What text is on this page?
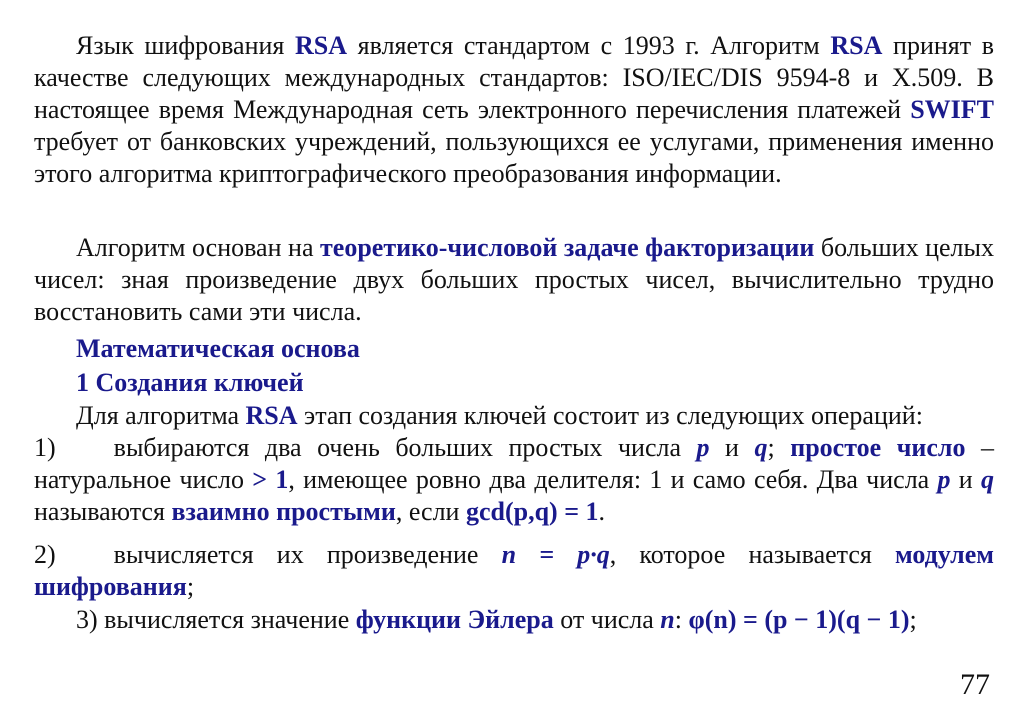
Язык шифрования RSA является стандартом с 1993 г. Алгоритм RSA принят в качестве следующих международных стандартов: ISO/IEC/DIS 9594-8 и X.509. В настоящее время Международная сеть электронного перечисления платежей SWIFT требует от банковских учреждений, пользующихся ее услугами, применения именно этого алгоритма криптографического преобразования информации.

Алгоритм основан на теоретико-числовой задаче факторизации больших целых чисел: зная произведение двух больших простых чисел, вычислительно трудно восстановить сами эти числа.

Математическая основа
1 Создания ключей

Для алгоритма RSA этап создания ключей состоит из следующих операций:

1) выбираются два очень больших простых числа p и q; простое число – натуральное число > 1, имеющее ровно два делителя: 1 и само себя. Два числа p и q называются взаимно простыми, если gcd(p,q) = 1.

2) вычисляется их произведение n = p·q, которое называется модулем шифрования;

3) вычисляется значение функции Эйлера от числа n: φ(n) = (p − 1)(q − 1);

77
